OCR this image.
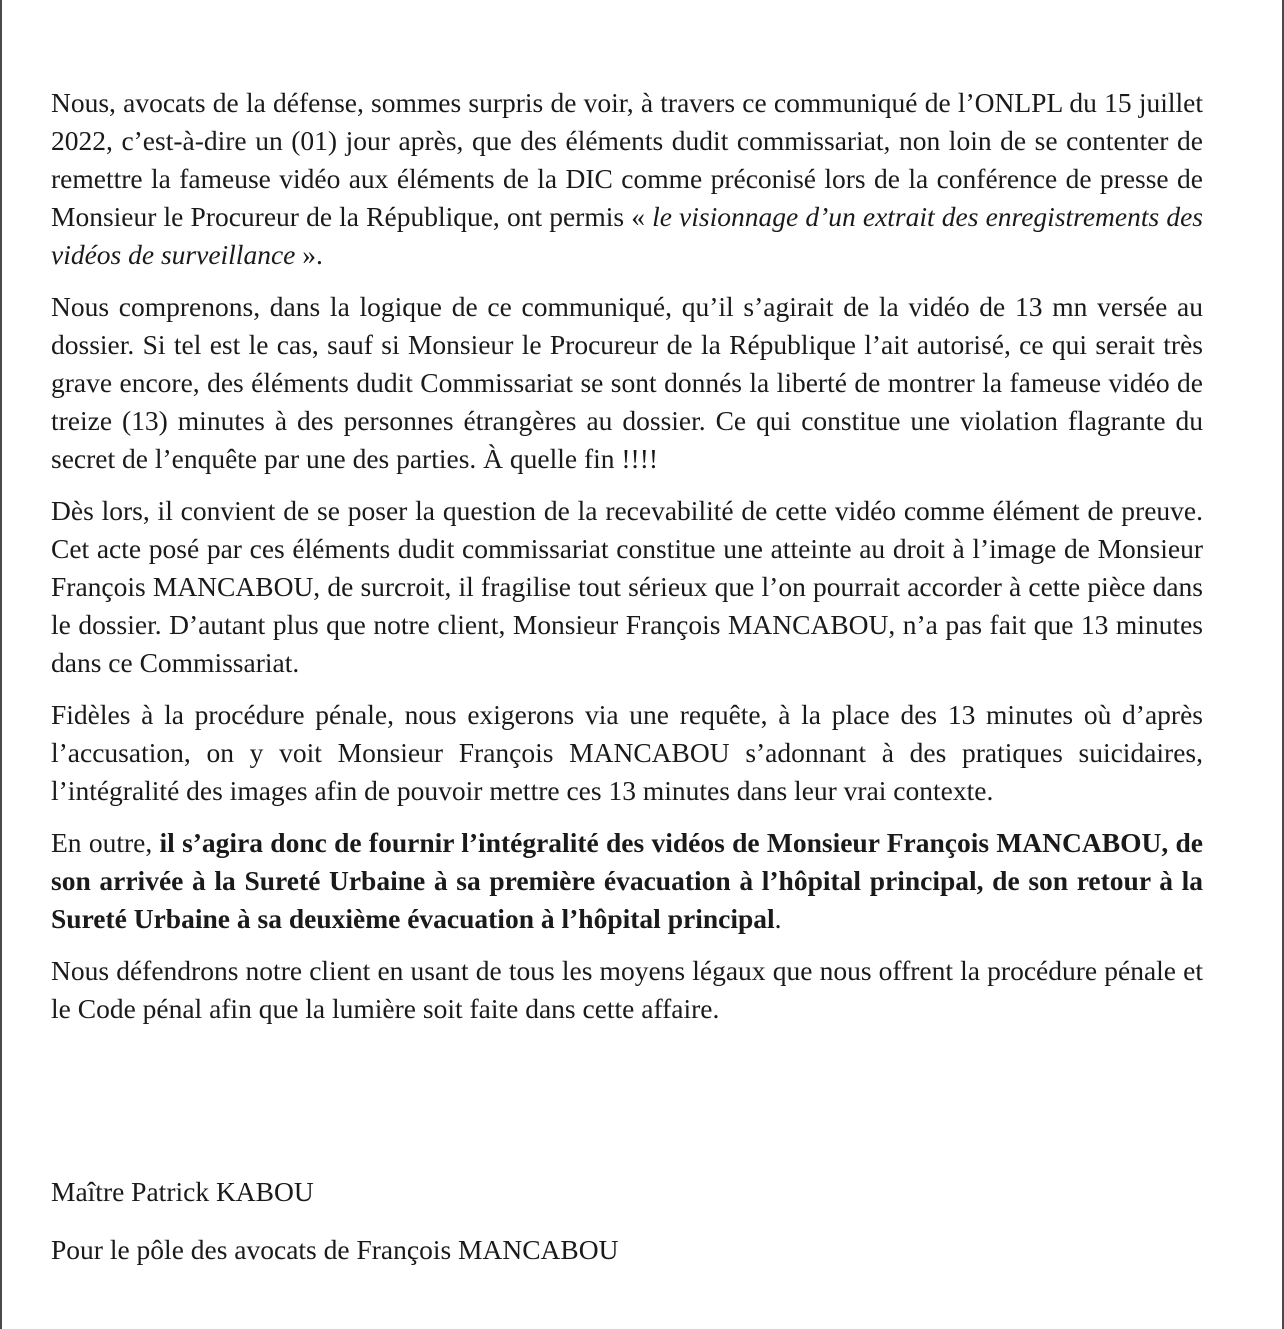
Nous, avocats de la défense, sommes surpris de voir, à travers ce communiqué de l’ONLPL du 15 juillet 2022, c’est-à-dire un (01) jour après, que des éléments dudit commissariat, non loin de se contenter de remettre la fameuse vidéo aux éléments de la DIC comme préconisé lors de la conférence de presse de Monsieur le Procureur de la République, ont permis « le visionnage d’un extrait des enregistrements des vidéos de surveillance ».

Nous comprenons, dans la logique de ce communiqué, qu’il s’agirait de la vidéo de 13 mn versée au dossier. Si tel est le cas, sauf si Monsieur le Procureur de la République l’ait autorisé, ce qui serait très grave encore, des éléments dudit Commissariat se sont donnés la liberté de montrer la fameuse vidéo de treize (13) minutes à des personnes étrangères au dossier. Ce qui constitue une violation flagrante du secret de l’enquête par une des parties. À quelle fin !!!!

Dès lors, il convient de se poser la question de la recevabilité de cette vidéo comme élément de preuve. Cet acte posé par ces éléments dudit commissariat constitue une atteinte au droit à l’image de Monsieur François MANCABOU, de surcroit, il fragilise tout sérieux que l’on pourrait accorder à cette pièce dans le dossier. D’autant plus que notre client, Monsieur François MANCABOU, n’a pas fait que 13 minutes dans ce Commissariat.

Fidèles à la procédure pénale, nous exigerons via une requête, à la place des 13 minutes où d’après l’accusation, on y voit Monsieur François MANCABOU s’adonnant à des pratiques suicidaires, l’intégralité des images afin de pouvoir mettre ces 13 minutes dans leur vrai contexte.

En outre, il s’agira donc de fournir l’intégralité des vidéos de Monsieur François MANCABOU, de son arrivée à la Sureté Urbaine à sa première évacuation à l’hôpital principal, de son retour à la Sureté Urbaine à sa deuxième évacuation à l’hôpital principal.

Nous défendrons notre client en usant de tous les moyens légaux que nous offrent la procédure pénale et le Code pénal afin que la lumière soit faite dans cette affaire.

Maître Patrick KABOU

Pour le pôle des avocats de François MANCABOU
